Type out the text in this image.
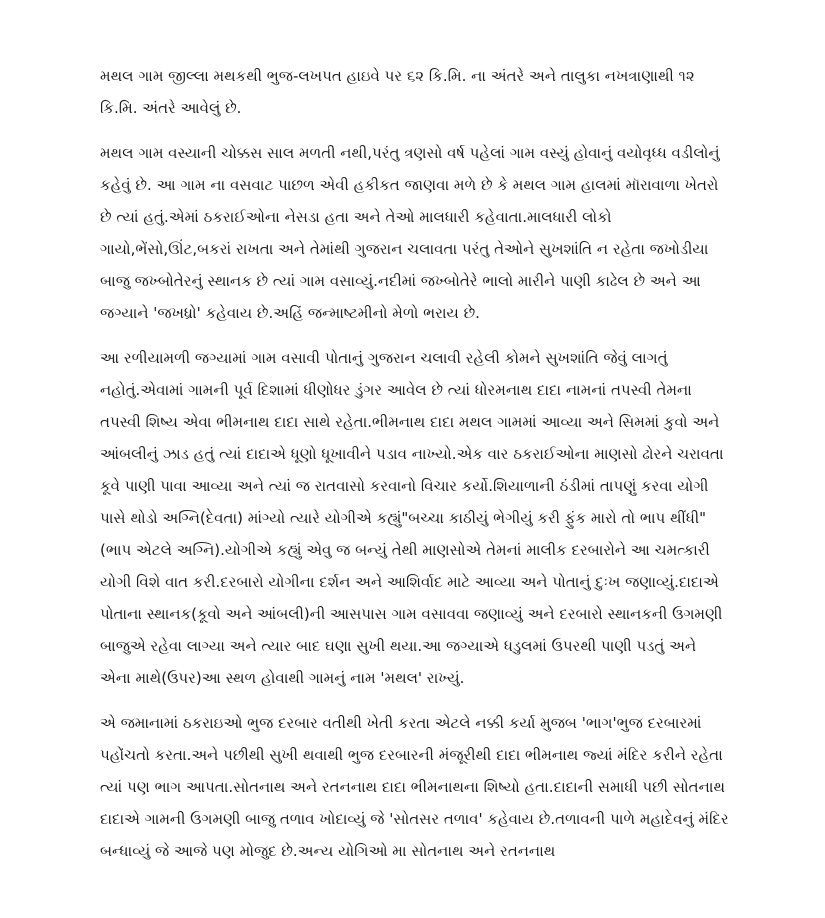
મથલ ગામ જીલ્લા મથકથી ભુજ-લખપત હાઇવે પર ૬૨ કિ.મિ. ના અંતરે અને તાલુકા નખત્રાણાથી ૧૨ કિ.મિ. અંતરે આવેલું છે.

મથલ ગામ વસ્યાની ચોક્કસ સાલ મળતી નથી,પરંતુ ત્રણસો વર્ષ પહેલાં ગામ વસ્યું હોવાનું વયોવૃધ્ધ વડીલોનું કહેવું છે. આ ગામ ના વસવાટ પાછળ એવી હકીકત જાણવા મળે છે કે મથલ ગામ હાલમાં મૉરાવાળા ખેતરો છે ત્યાં હતું.એમાં ઠકરાઈઓના નેસડા હતા અને તેઓ માલધારી કહેવાતા.માલધારી લોકો ગાયો,ભેંસો,ઊંટ,બકરાં રાખતા અને તેમાંથી ગુજરાન ચલાવતા પરંતુ તેઓને સુખશાંતિ ન રહેતા જખોડીયા બાજુ જખ્બોતેરનું સ્થાનક છે ત્યાં ગામ વસાવ્યું.નદીમાં જખ્બોતેરે ભાલો મારીને પાણી કાઢેલ છે અને આ જગ્યાને 'જખધ્રો' કહેવાય છે.અહિં જન્માષ્ટમીનો મેળો ભરાય છે.

આ રળીયામળી જગ્યામાં ગામ વસાવી પોતાનું ગુજરાન ચલાવી રહેલી કોમને સુખશાંતિ જેવું લાગતું નહોતું.એવામાં ગામની પૂર્વ દિશામાં ધીણોધર ડુંગર આવેલ છે ત્યાં ધોરમનાથ દાદા નામનાં તપસ્વી તેમના તપસ્વી શિષ્ય એવા ભીમનાથ દાદા સાથે રહેતા.ભીમનાથ દાદા મથલ ગામમાં આવ્યા અને સિમમાં કુવો અને આંબલીનું ઝાડ હતું ત્યાં દાદાએ ધૂણો ધૂખાવીને પડાવ નાખ્યો.એક વાર ઠકરાઈઓના માણસો ઢોરને ચરાવતા કૂવે પાણી પાવા આવ્યા અને ત્યાં જ રાતવાસો કરવાનો વિચાર કર્યો.શિયાળાની ઠંડીમાં તાપણું કરવા યોગી પાસે થોડો અગ્નિ(દેવતા) માંગ્યો ત્યારે યોગીએ કહ્યું"બચ્ચા કાઠીયું ભેગીયું કરી ફુંક મારો તો ભાપ થીંધી"(ભાપ એટલે અગ્નિ).યોગીએ કહ્યું એવુ જ બન્યું તેથી માણસોએ તેમનાં માલીક દરબારોને આ ચમત્કારી યોગી વિશે વાત કરી.દરબારો યોગીના દર્શન અને આશિર્વાદ માટે આવ્યા અને પોતાનું દુઃખ જણાવ્યું.દાદાએ પોતાના સ્થાનક(કૂવો અને આંબલી)ની આસપાસ ગામ વસાવવા જણાવ્યું અને દરબારો સ્થાનકની ઉગમણી બાજુએ રહેવા લાગ્યા અને ત્યાર બાદ ઘણા સુખી થયા.આ જગ્યાએ ધડુલમાં ઉપરથી પાણી પડતું અને એના માથે(ઉપર)આ સ્થળ હોવાથી ગામનું નામ 'મથલ' રાખ્યું.

એ જમાનામાં ઠકરાઇઓ ભુજ દરબાર વતીથી ખેતી કરતા એટલે નક્કી કર્યા મુજબ 'ભાગ'ભુજ દરબારમાં પહોંચતો કરતા.અને પછીથી સુખી થવાથી ભુજ દરબારની મંજૂરીથી દાદા ભીમનાથ જ્યાં મંદિર કરીને રહેતા ત્યાં પણ ભાગ આપતા.સોતનાથ અને રતનનાથ દાદા ભીમનાથના શિષ્યો હતા.દાદાની સમાધી પછી સોતનાથ દાદાએ ગામની ઉગમણી બાજુ તળાવ ખોદાવ્યું જે 'સોતસર તળાવ' કહેવાય છે.તળાવની પાળે મહાદેવનું મંદિર બન્ધાવ્યું જે આજે પણ મોજુદ છે.અન્ય યોગિઓ મા સોતનાથ અને રતનનાથ
